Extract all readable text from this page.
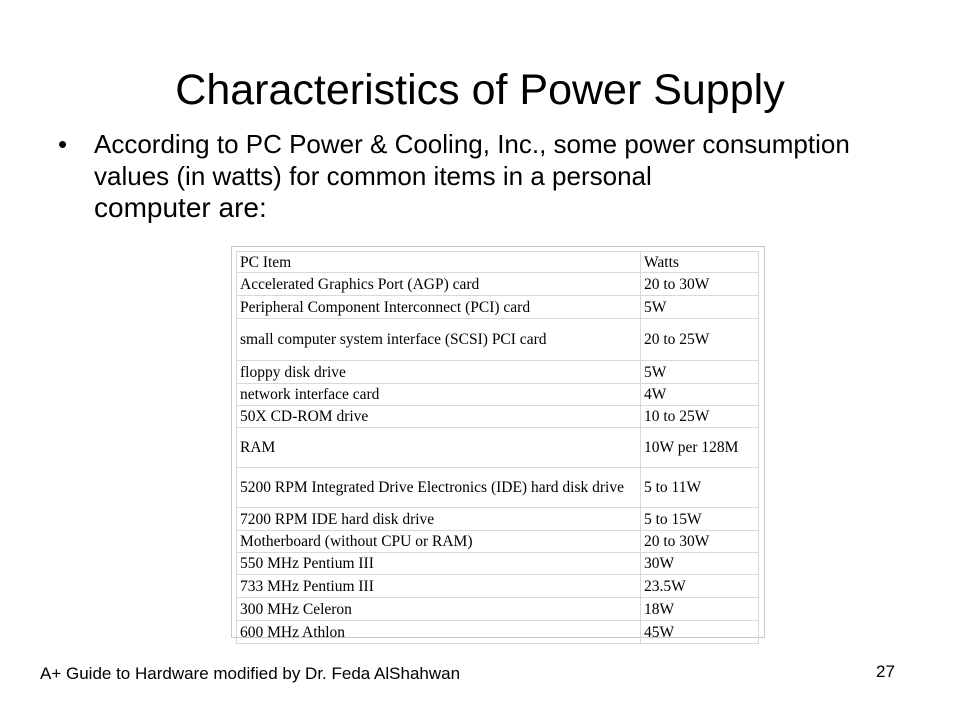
Characteristics of Power Supply
• According to PC Power & Cooling, Inc., some power consumption values (in watts) for common items in a personal
computer are:
PC Item	Watts
Accelerated Graphics Port (AGP) card	20 to 30W
Peripheral Component Interconnect (PCI) card	5W
small computer system interface (SCSI) PCI card	20 to 25W
floppy disk drive	5W
network interface card	4W
50X CD-ROM drive	10 to 25W
RAM	10W per 128M
5200 RPM Integrated Drive Electronics (IDE) hard disk drive	5 to 11W
7200 RPM IDE hard disk drive	5 to 15W
Motherboard (without CPU or RAM)	20 to 30W
550 MHz Pentium III	30W
733 MHz Pentium III	23.5W
300 MHz Celeron	18W
600 MHz Athlon	45W
A+ Guide to Hardware modified by Dr. Feda AlShahwan	27
